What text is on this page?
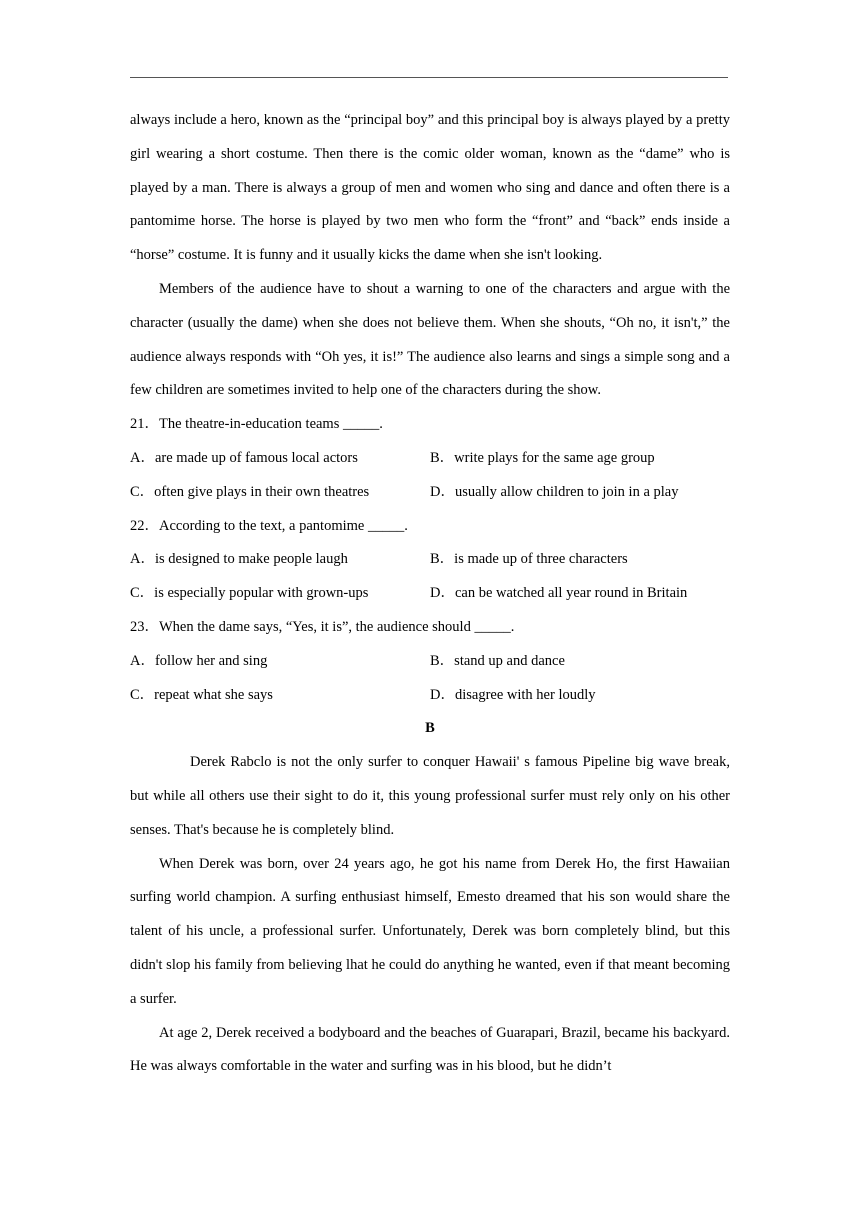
always include a hero, known as the “principal boy” and this principal boy is always played by a pretty girl wearing a short costume. Then there is the comic older woman, known as the “dame” who is played by a man. There is always a group of men and women who sing and dance and often there is a pantomime horse. The horse is played by two men who form the “front” and “back” ends inside a “horse” costume. It is funny and it usually kicks the dame when she isn't looking.

Members of the audience have to shout a warning to one of the characters and argue with the character (usually the dame) when she does not believe them. When she shouts, “Oh no, it isn't,” the audience always responds with “Oh yes, it is!” The audience also learns and sings a simple song and a few children are sometimes invited to help one of the characters during the show.

21．The theatre-in-education teams _____.

A．are made up of famous local actors	B．write plays for the same age group
C．often give plays in their own theatres	D．usually allow children to join in a play

22．According to the text, a pantomime _____.

A．is designed to make people laugh	B．is made up of three characters
C．is especially popular with grown-ups	D．can be watched all year round in Britain

23．When the dame says, “Yes, it is”, the audience should _____.

A．follow her and sing	B．stand up and dance
C．repeat what she says	D．disagree with her loudly

B

Derek Rabclo is not the only surfer to conquer Hawaii' s famous Pipeline big wave break, but while all others use their sight to do it, this young professional surfer must rely only on his other senses. That's because he is completely blind.

When Derek was born, over 24 years ago, he got his name from Derek Ho, the first Hawaiian surfing world champion. A surfing enthusiast himself, Emesto dreamed that his son would share the talent of his uncle, a professional surfer. Unfortunately, Derek was born completely blind, but this didn't slop his family from believing lhat he could do anything he wanted, even if that meant becoming a surfer.

At age 2, Derek received a bodyboard and the beaches of Guarapari, Brazil, became his backyard. He was always comfortable in the water and surfing was in his blood, but he didn’t
